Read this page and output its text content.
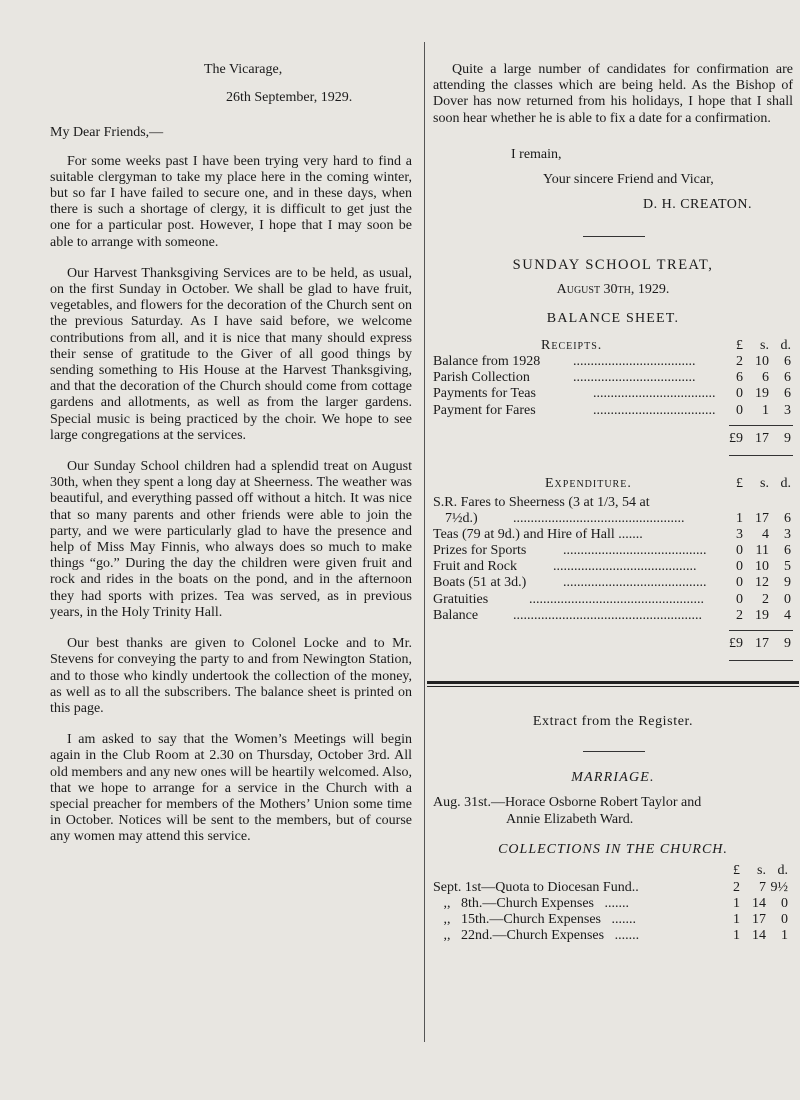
The Vicarage,
26th September, 1929.
My Dear Friends,—

For some weeks past I have been trying very hard to find a suitable clergyman to take my place here in the coming winter, but so far I have failed to secure one, and in these days, when there is such a shortage of clergy, it is difficult to get just the one for a particular post. However, I hope that I may soon be able to arrange with someone.

Our Harvest Thanksgiving Services are to be held, as usual, on the first Sunday in October. We shall be glad to have fruit, vegetables, and flowers for the decoration of the Church sent on the previous Saturday. As I have said before, we welcome contributions from all, and it is nice that many should express their sense of gratitude to the Giver of all good things by sending something to His House at the Harvest Thanksgiving, and that the decoration of the Church should come from cottage gardens and allotments, as well as from the larger gardens. Special music is being practiced by the choir. We hope to see large congregations at the services.

Our Sunday School children had a splendid treat on August 30th, when they spent a long day at Sheerness. The weather was beautiful, and everything passed off without a hitch. It was nice that so many parents and other friends were able to join the party, and we were particularly glad to have the presence and help of Miss May Finnis, who always does so much to make things “go.” During the day the children were given fruit and rock and rides in the boats on the pond, and in the afternoon they had sports with prizes. Tea was served, as in previous years, in the Holy Trinity Hall.

Our best thanks are given to Colonel Locke and to Mr. Stevens for conveying the party to and from Newington Station, and to those who kindly undertook the collection of the money, as well as to all the subscribers. The balance sheet is printed on this page.

I am asked to say that the Women’s Meetings will begin again in the Club Room at 2.30 on Thursday, October 3rd. All old members and any new ones will be heartily welcomed. Also, that we hope to arrange for a service in the Church with a special preacher for members of the Mothers’ Union some time in October. Notices will be sent to the members, but of course any women may attend this service.

Quite a large number of candidates for confirmation are attending the classes which are being held. As the Bishop of Dover has now returned from his holidays, I hope that I shall soon hear whether he is able to fix a date for a confirmation.

I remain,
Your sincere Friend and Vicar,
D. H. CREATON.
SUNDAY SCHOOL TREAT,
August 30th, 1929.
BALANCE SHEET.
Receipts.	£	s. d.
Balance from 1928 ...................................	2 10	6
Parish Collection	...................................	6	6	6
Payments for Teas	...................................	0 19	6
Payment for Fares	...................................	0	1	3
£9 17	9
Expenditure.	£	s. d.
S.R. Fares to Sheerness (3 at 1/3, 54 at
7½d.)	.................................................	1 17	6
Teas (79 at 9d.) and Hire of Hall .......	3	4	3
Prizes for Sports	.........................................	0 11	6
Fruit and Rock	.........................................	0 10	5
Boats (51 at 3d.)	.........................................	0 12	9
Gratuities	..................................................	0	2	0
Balance ......................................................	2 19	4
£9 17	9
Extract from the Register.
MARRIAGE.
Aug. 31st.—Horace Osborne Robert Taylor and
Annie Elizabeth Ward.
COLLECTIONS IN THE CHURCH.
£	s. d.
Sept. 1st—Quota to Diocesan Fund..	2	7 9½
,,   8th.—Church Expenses   .......	1 14	0
,,   15th.—Church Expenses   .......	1 17	0
,,   22nd.—Church Expenses   .......	1 14	1
